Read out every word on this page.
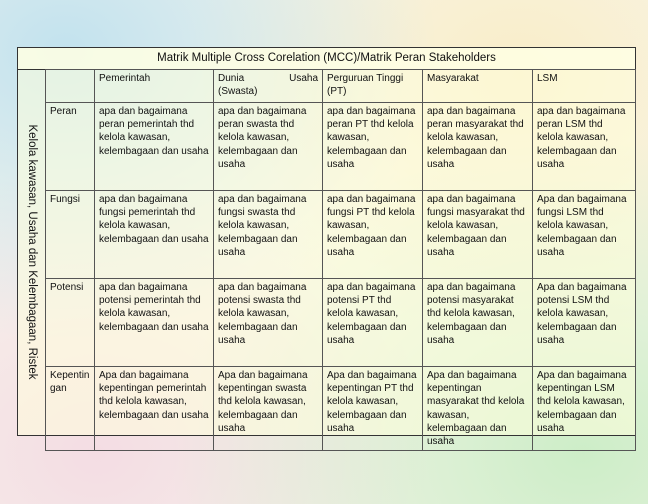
Matrik Multiple Cross Corelation (MCC)/Matrik Peran Stakeholders
Kelola kawasan, Usaha dan Kelembagaan, Ristek
	Pemerintah	Dunia Usaha (Swasta)	Perguruan Tinggi (PT)	Masyarakat	LSM
Peran	apa dan bagaimana peran pemerintah thd kelola kawasan, kelembagaan dan usaha	apa dan bagaimana peran swasta thd kelola kawasan, kelembagaan dan usaha	apa dan bagaimana peran PT thd kelola kawasan, kelembagaan dan usaha	apa dan bagaimana peran masyarakat thd kelola kawasan, kelembagaan dan usaha	apa dan bagaimana peran LSM thd kelola kawasan, kelembagaan dan usaha
Fungsi	apa dan bagaimana fungsi pemerintah thd kelola kawasan, kelembagaan dan usaha	apa dan bagaimana fungsi swasta thd kelola kawasan, kelembagaan dan usaha	apa dan bagaimana fungsi PT thd kelola kawasan, kelembagaan dan usaha	apa dan bagaimana fungsi masyarakat thd kelola kawasan, kelembagaan dan usaha	Apa dan bagaimana fungsi LSM thd kelola kawasan, kelembagaan dan usaha
Potensi	apa dan bagaimana potensi pemerintah thd kelola kawasan, kelembagaan dan usaha	apa dan bagaimana potensi swasta thd kelola kawasan, kelembagaan dan usaha	apa dan bagaimana potensi PT thd kelola kawasan, kelembagaan dan usaha	apa dan bagaimana potensi masyarakat thd kelola kawasan, kelembagaan dan usaha	Apa dan bagaimana potensi LSM thd kelola kawasan, kelembagaan dan usaha
Kepentingan	Apa dan bagaimana kepentingan pemerintah thd kelola kawasan, kelembagaan dan usaha	Apa dan bagaimana kepentingan swasta thd kelola kawasan, kelembagaan dan usaha	Apa dan bagaimana kepentingan PT thd kelola kawasan, kelembagaan dan usaha	Apa dan bagaimana kepentingan masyarakat thd kelola kawasan, kelembagaan dan usaha	Apa dan bagaimana kepentingan LSM thd kelola kawasan, kelembagaan dan usaha
